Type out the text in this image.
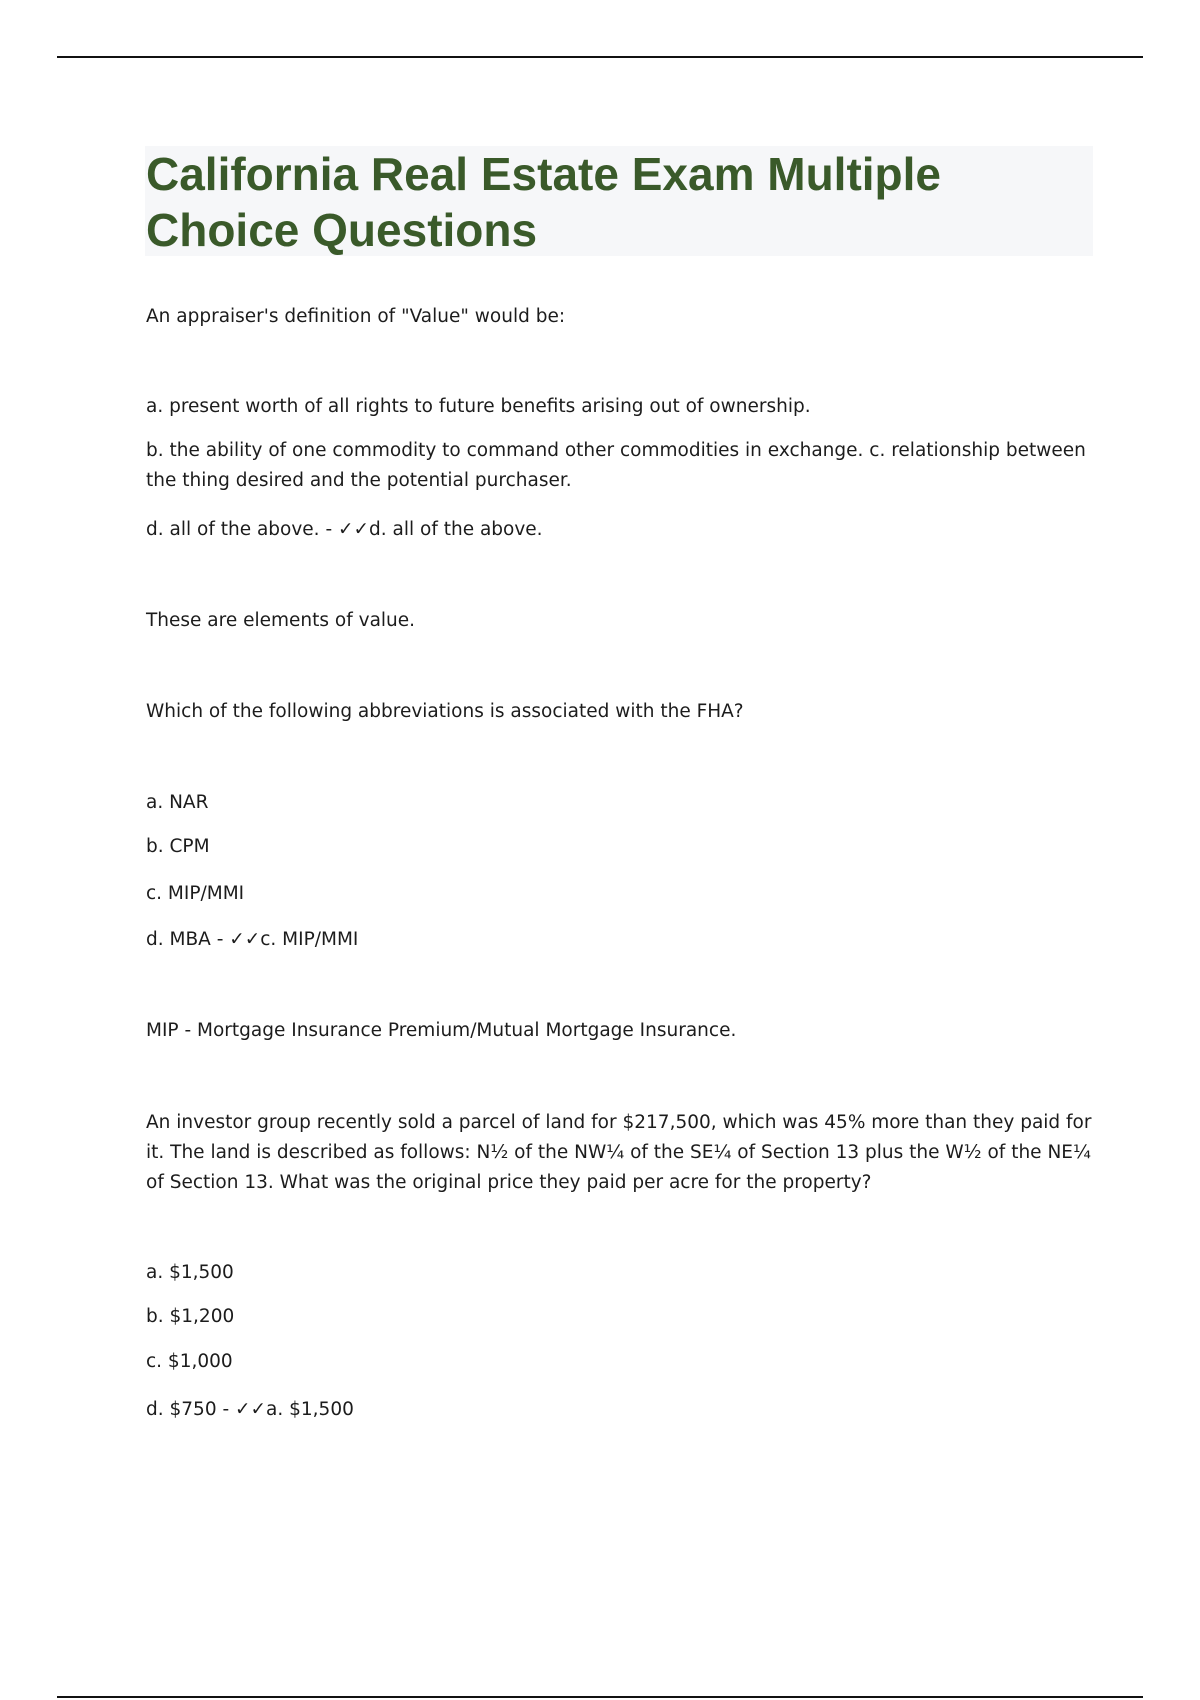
California Real Estate Exam Multiple Choice Questions

An appraiser's definition of "Value" would be:

a. present worth of all rights to future benefits arising out of ownership.

b. the ability of one commodity to command other commodities in exchange. c. relationship between the thing desired and the potential purchaser.

d. all of the above. - ✓✓d. all of the above.

These are elements of value.

Which of the following abbreviations is associated with the FHA?

a. NAR

b. CPM

c. MIP/MMI

d. MBA - ✓✓c. MIP/MMI

MIP - Mortgage Insurance Premium/Mutual Mortgage Insurance.

An investor group recently sold a parcel of land for $217,500, which was 45% more than they paid for it. The land is described as follows: N½ of the NW¼ of the SE¼ of Section 13 plus the W½ of the NE¼ of Section 13. What was the original price they paid per acre for the property?

a. $1,500

b. $1,200

c. $1,000

d. $750 - ✓✓a. $1,500
